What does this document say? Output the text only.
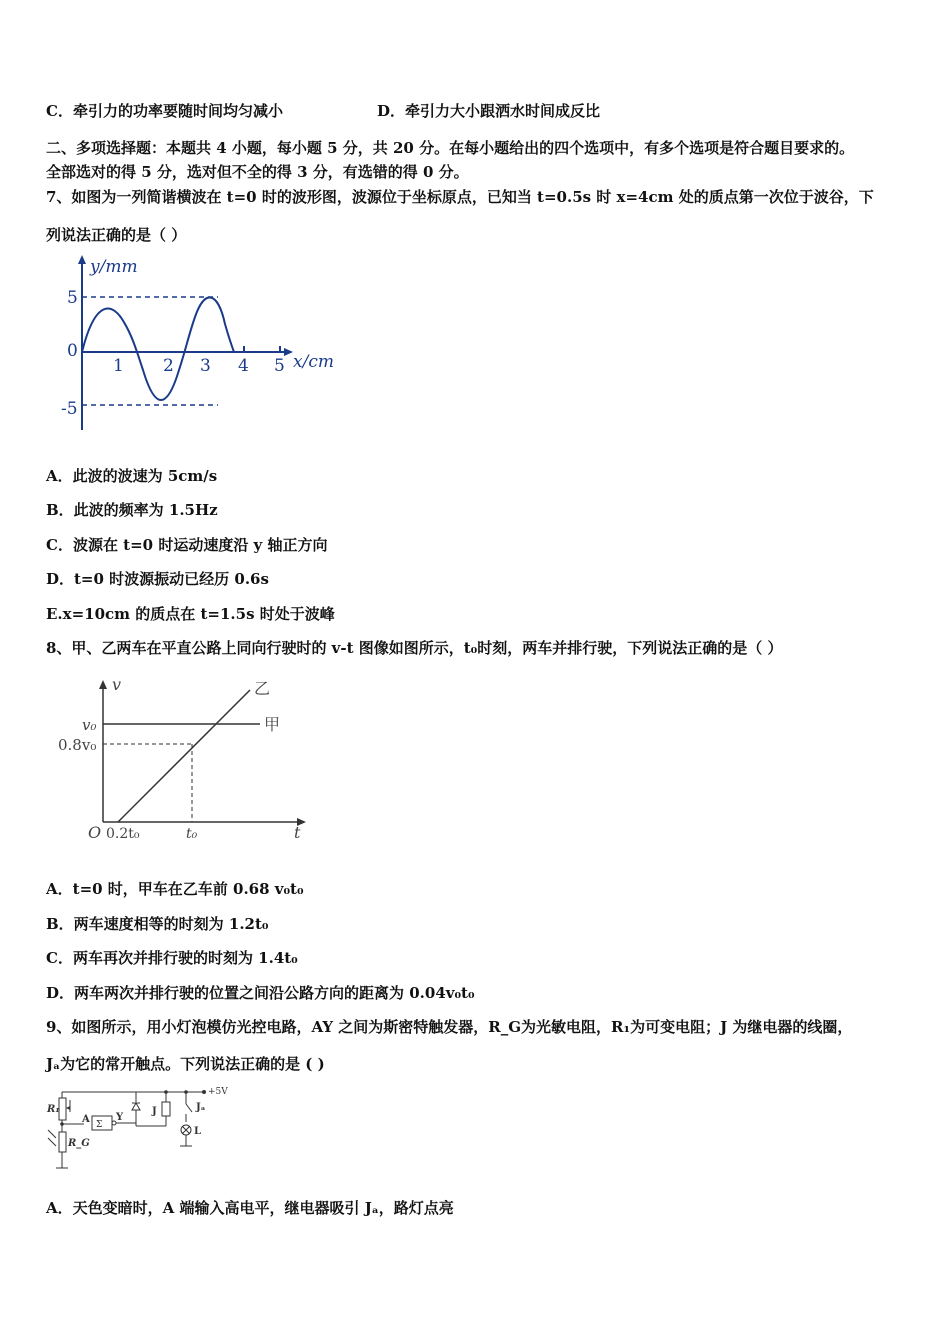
C．牵引力的功率要随时间均匀减小	D．牵引力大小跟洒水时间成反比
二、多项选择题：本题共 4 小题，每小题 5 分，共 20 分。在每小题给出的四个选项中，有多个选项是符合题目要求的。
全部选对的得 5 分，选对但不全的得 3 分，有选错的得 0 分。
7、如图为一列简谐横波在 t=0 时的波形图，波源位于坐标原点，已知当 t=0.5s 时 x=4cm 处的质点第一次位于波谷，下
列说法正确的是（ ）
y/mm
5
0
-5
1 2 3 4 5 x/cm
A．此波的波速为 5cm/s
B．此波的频率为 1.5Hz
C．波源在 t=0 时运动速度沿 y 轴正方向
D．t=0 时波源振动已经历 0.6s
E.x=10cm 的质点在 t=1.5s 时处于波峰
8、甲、乙两车在平直公路上同向行驶时的 v-t 图像如图所示，t₀时刻，两车并排行驶，下列说法正确的是（ ）
v
v₀
0.8v₀
O 0.2t₀	t₀	t
甲
乙
A．t=0 时，甲车在乙车前 0.68 v₀t₀
B．两车速度相等的时刻为 1.2t₀
C．两车再次并排行驶的时刻为 1.4t₀
D．两车两次并排行驶的位置之间沿公路方向的距离为 0.04v₀t₀
9、如图所示，用小灯泡模仿光控电路，AY 之间为斯密特触发器，R_G为光敏电阻，R₁为可变电阻；J 为继电器的线圈，
Jₐ为它的常开触点。下列说法正确的是 ( )
+5V
R₁
R_G
A Σ
Y
J	Jₐ
L
A．天色变暗时，A 端输入高电平，继电器吸引 Jₐ，路灯点亮
